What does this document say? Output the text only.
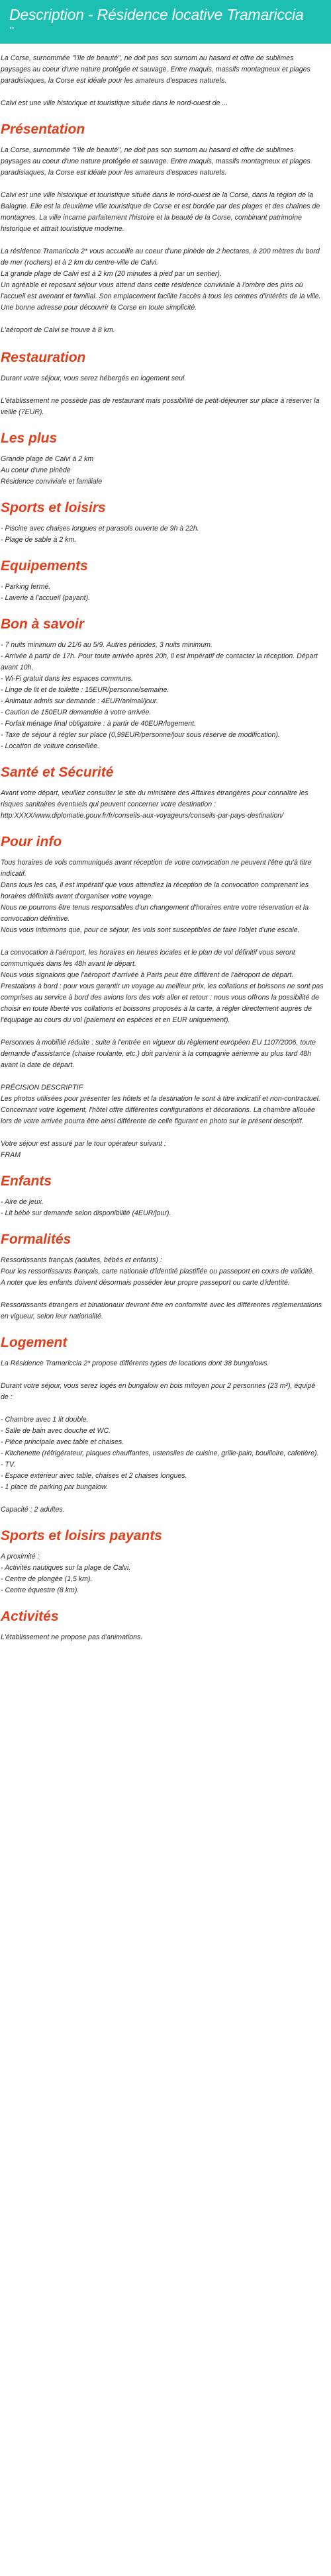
Description - Résidence locative Tramariccia
**

La Corse, surnommée "l'île de beauté", ne doit pas son surnom au hasard et offre de sublimes paysages au coeur d'une nature protégée et sauvage. Entre maquis, massifs montagneux et plages paradisiaques, la Corse est idéale pour les amateurs d'espaces naturels.

Calvi est une ville historique et touristique située dans le nord-ouest de ...

Présentation

La Corse, surnommée "l'île de beauté", ne doit pas son surnom au hasard et offre de sublimes paysages au coeur d'une nature protégée et sauvage. Entre maquis, massifs montagneux et plages paradisiaques, la Corse est idéale pour les amateurs d'espaces naturels.

Calvi est une ville historique et touristique située dans le nord-ouest de la Corse, dans la région de la Balagne. Elle est la deuxième ville touristique de Corse et est bordée par des plages et des chaînes de montagnes. La ville incarne parfaitement l'histoire et la beauté de la Corse, combinant patrimoine historique et attrait touristique moderne.

La résidence Tramariccia 2* vous accueille au coeur d'une pinède de 2 hectares, à 200 mètres du bord de mer (rochers) et à 2 km du centre-ville de Calvi.
La grande plage de Calvi est à 2 km (20 minutes à pied par un sentier).
Un agréable et reposant séjour vous attend dans cette résidence conviviale à l'ombre des pins où l'accueil est avenant et familial. Son emplacement facilite l'accès à tous les centres d'intérêts de la ville. Une bonne adresse pour découvrir la Corse en toute simplicité.

L'aéroport de Calvi se trouve à 8 km.

Restauration

Durant votre séjour, vous serez hébergés en logement seul.

L'établissement ne possède pas de restaurant mais possibilité de petit-déjeuner sur place à réserver la veille (7EUR).

Les plus

Grande plage de Calvi à 2 km
Au coeur d'une pinède
Résidence conviviale et familiale

Sports et loisirs

- Piscine avec chaises longues et parasols ouverte de 9h à 22h.
- Plage de sable à 2 km.

Equipements

- Parking fermé.
- Laverie à l'accueil (payant).

Bon à savoir

- 7 nuits minimum du 21/6 au 5/9. Autres périodes, 3 nuits minimum.
- Arrivée à partir de 17h. Pour toute arrivée après 20h, il est impératif de contacter la réception. Départ avant 10h.
- Wi-Fi gratuit dans les espaces communs.
- Linge de lit et de toilette : 15EUR/personne/semaine.
- Animaux admis sur demande : 4EUR/animal/jour.
- Caution de 150EUR demandée à votre arrivée.
- Forfait ménage final obligatoire : à partir de 40EUR/logement.
- Taxe de séjour à régler sur place (0,99EUR/personne/jour sous réserve de modification).
- Location de voiture conseillée.

Santé et Sécurité

Avant votre départ, veuillez consulter le site du ministère des Affaires étrangères pour connaître les risques sanitaires éventuels qui peuvent concerner votre destination : http:XXXX/www.diplomatie.gouv.fr/fr/conseils-aux-voyageurs/conseils-par-pays-destination/

Pour info

Tous horaires de vols communiqués avant réception de votre convocation ne peuvent l'être qu'à titre indicatif.
Dans tous les cas, il est impératif que vous attendiez la réception de la convocation comprenant les horaires définitifs avant d'organiser votre voyage.
Nous ne pourrons être tenus responsables d'un changement d'horaires entre votre réservation et la convocation définitive.
Nous vous informons que, pour ce séjour, les vols sont susceptibles de faire l'objet d'une escale.

La convocation à l'aéroport, les horaires en heures locales et le plan de vol définitif vous seront communiqués dans les 48h avant le départ.
Nous vous signalons que l'aéroport d'arrivée à Paris peut être différent de l'aéroport de départ.
Prestations à bord : pour vous garantir un voyage au meilleur prix, les collations et boissons ne sont pas comprises au service à bord des avions lors des vols aller et retour : nous vous offrons la possibilité de choisir en toute liberté vos collations et boissons proposés à la carte, à régler directement auprès de l'équipage au cours du vol (paiement en espèces et en EUR uniquement).

Personnes à mobilité réduite : suite à l'entrée en vigueur du règlement européen EU 1107/2006, toute demande d'assistance (chaise roulante, etc.) doit parvenir à la compagnie aérienne au plus tard 48h avant la date de départ.

PRÉCISION DESCRIPTIF
Les photos utilisées pour présenter les hôtels et la destination le sont à titre indicatif et non-contractuel. Concernant votre logement, l'hôtel offre différentes configurations et décorations. La chambre allouée lors de votre arrivée pourra être ainsi différente de celle figurant en photo sur le présent descriptif.

Votre séjour est assuré par le tour opérateur suivant :
FRAM

Enfants

- Aire de jeux.
- Lit bébé sur demande selon disponibilité (4EUR/jour).

Formalités

Ressortissants français (adultes, bébés et enfants) :
Pour les ressortissants français, carte nationale d'identité plastifiée ou passeport en cours de validité.
A noter que les enfants doivent désormais posséder leur propre passeport ou carte d'identité.

Ressortissants étrangers et binationaux devront être en conformité avec les différentes réglementations en vigueur, selon leur nationalité.

Logement

La Résidence Tramariccia 2* propose différents types de locations dont 38 bungalows.

Durant votre séjour, vous serez logés en bungalow en bois mitoyen pour 2 personnes (23 m²), équipé de :

- Chambre avec 1 lit double.
- Salle de bain avec douche et WC.
- Pièce principale avec table et chaises.
- Kitchenette (réfrigérateur, plaques chauffantes, ustensiles de cuisine, grille-pain, bouilloire, cafetière).
- TV.
- Espace extérieur avec table, chaises et 2 chaises longues.
- 1 place de parking par bungalow.

Capacité : 2 adultes.

Sports et loisirs payants

A proximité :
- Activités nautiques sur la plage de Calvi.
- Centre de plongée (1,5 km).
- Centre équestre (8 km).

Activités

L'établissement ne propose pas d'animations.
